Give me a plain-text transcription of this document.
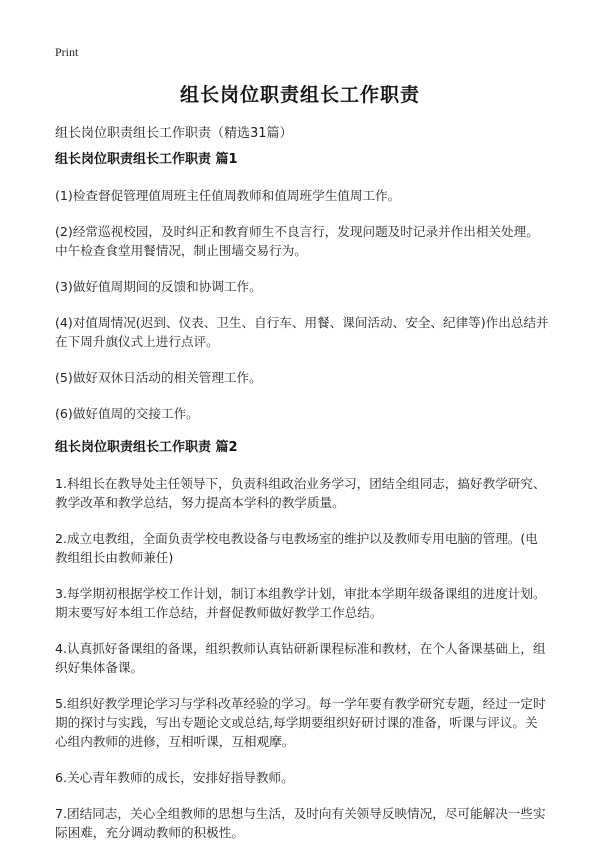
Print
组长岗位职责组长工作职责
组长岗位职责组长工作职责（精选31篇）
组长岗位职责组长工作职责 篇1

(1)检查督促管理值周班主任值周教师和值周班学生值周工作。

(2)经常巡视校园，及时纠正和教育师生不良言行，发现问题及时记录并作出相关处理。中午检查食堂用餐情况，制止围墙交易行为。

(3)做好值周期间的反馈和协调工作。

(4)对值周情况(迟到、仪表、卫生、自行车、用餐、课间活动、安全、纪律等)作出总结并在下周升旗仪式上进行点评。

(5)做好双休日活动的相关管理工作。

(6)做好值周的交接工作。

组长岗位职责组长工作职责 篇2

1.科组长在教导处主任领导下，负责科组政治业务学习，团结全组同志，搞好教学研究、教学改革和教学总结，努力提高本学科的教学质量。

2.成立电教组，全面负责学校电教设备与电教场室的维护以及教师专用电脑的管理。(电教组组长由教师兼任)

3.每学期初根据学校工作计划，制订本组教学计划，审批本学期年级备课组的进度计划。期末要写好本组工作总结，并督促教师做好教学工作总结。

4.认真抓好备课组的备课，组织教师认真钻研新课程标准和教材，在个人备课基础上，组织好集体备课。

5.组织好教学理论学习与学科改革经验的学习。每一学年要有教学研究专题，经过一定时期的探讨与实践，写出专题论文或总结,每学期要组织好研讨课的准备，听课与评议。关心组内教师的进修，互相听课，互相观摩。

6.关心青年教师的成长，安排好指导教师。

7.团结同志，关心全组教师的思想与生活，及时向有关领导反映情况，尽可能解决一些实际困难，充分调动教师的积极性。
